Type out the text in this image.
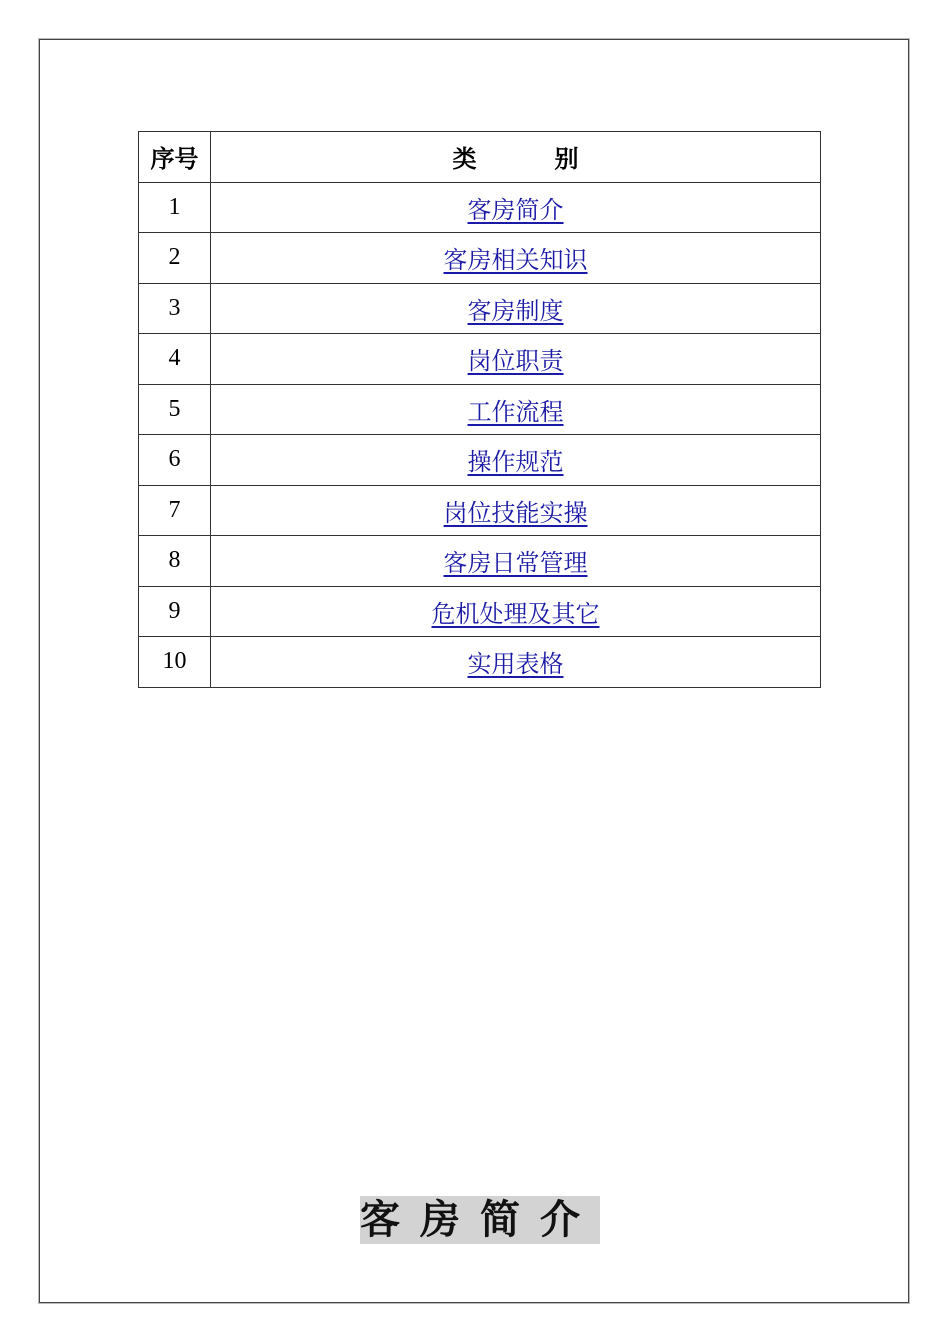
序号	类 别
1	客房简介
2	客房相关知识
3	客房制度
4	岗位职责
5	工作流程
6	操作规范
7	岗位技能实操
8	客房日常管理
9	危机处理及其它
10	实用表格
客房简介
